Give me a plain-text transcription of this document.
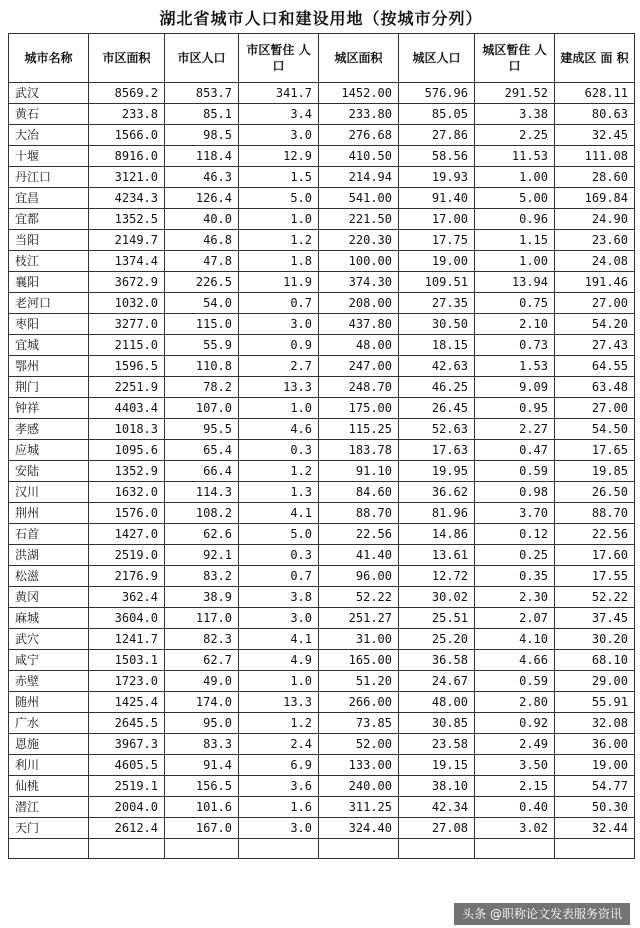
湖北省城市人口和建设用地（按城市分列）
城市名称	市区面积	市区人口	市区暂住 人 口	城区面积	城区人口	城区暂住 人 口	建成区 面 积
武汉	8569.2	853.7	341.7	1452.00	576.96	291.52	628.11
黄石	233.8	85.1	3.4	233.80	85.05	3.38	80.63
大冶	1566.0	98.5	3.0	276.68	27.86	2.25	32.45
十堰	8916.0	118.4	12.9	410.50	58.56	11.53	111.08
丹江口	3121.0	46.3	1.5	214.94	19.93	1.00	28.60
宜昌	4234.3	126.4	5.0	541.00	91.40	5.00	169.84
宜都	1352.5	40.0	1.0	221.50	17.00	0.96	24.90
当阳	2149.7	46.8	1.2	220.30	17.75	1.15	23.60
枝江	1374.4	47.8	1.8	100.00	19.00	1.00	24.08
襄阳	3672.9	226.5	11.9	374.30	109.51	13.94	191.46
老河口	1032.0	54.0	0.7	208.00	27.35	0.75	27.00
枣阳	3277.0	115.0	3.0	437.80	30.50	2.10	54.20
宜城	2115.0	55.9	0.9	48.00	18.15	0.73	27.43
鄂州	1596.5	110.8	2.7	247.00	42.63	1.53	64.55
荆门	2251.9	78.2	13.3	248.70	46.25	9.09	63.48
钟祥	4403.4	107.0	1.0	175.00	26.45	0.95	27.00
孝感	1018.3	95.5	4.6	115.25	52.63	2.27	54.50
应城	1095.6	65.4	0.3	183.78	17.63	0.47	17.65
安陆	1352.9	66.4	1.2	91.10	19.95	0.59	19.85
汉川	1632.0	114.3	1.3	84.60	36.62	0.98	26.50
荆州	1576.0	108.2	4.1	88.70	81.96	3.70	88.70
石首	1427.0	62.6	5.0	22.56	14.86	0.12	22.56
洪湖	2519.0	92.1	0.3	41.40	13.61	0.25	17.60
松滋	2176.9	83.2	0.7	96.00	12.72	0.35	17.55
黄冈	362.4	38.9	3.8	52.22	30.02	2.30	52.22
麻城	3604.0	117.0	3.0	251.27	25.51	2.07	37.45
武穴	1241.7	82.3	4.1	31.00	25.20	4.10	30.20
咸宁	1503.1	62.7	4.9	165.00	36.58	4.66	68.10
赤壁	1723.0	49.0	1.0	51.20	24.67	0.59	29.00
随州	1425.4	174.0	13.3	266.00	48.00	2.80	55.91
广水	2645.5	95.0	1.2	73.85	30.85	0.92	32.08
恩施	3967.3	83.3	2.4	52.00	23.58	2.49	36.00
利川	4605.5	91.4	6.9	133.00	19.15	3.50	19.00
仙桃	2519.1	156.5	3.6	240.00	38.10	2.15	54.77
潜江	2004.0	101.6	1.6	311.25	42.34	0.40	50.30
天门	2612.4	167.0	3.0	324.40	27.08	3.02	32.44

头条 @职称论文发表服务资讯
